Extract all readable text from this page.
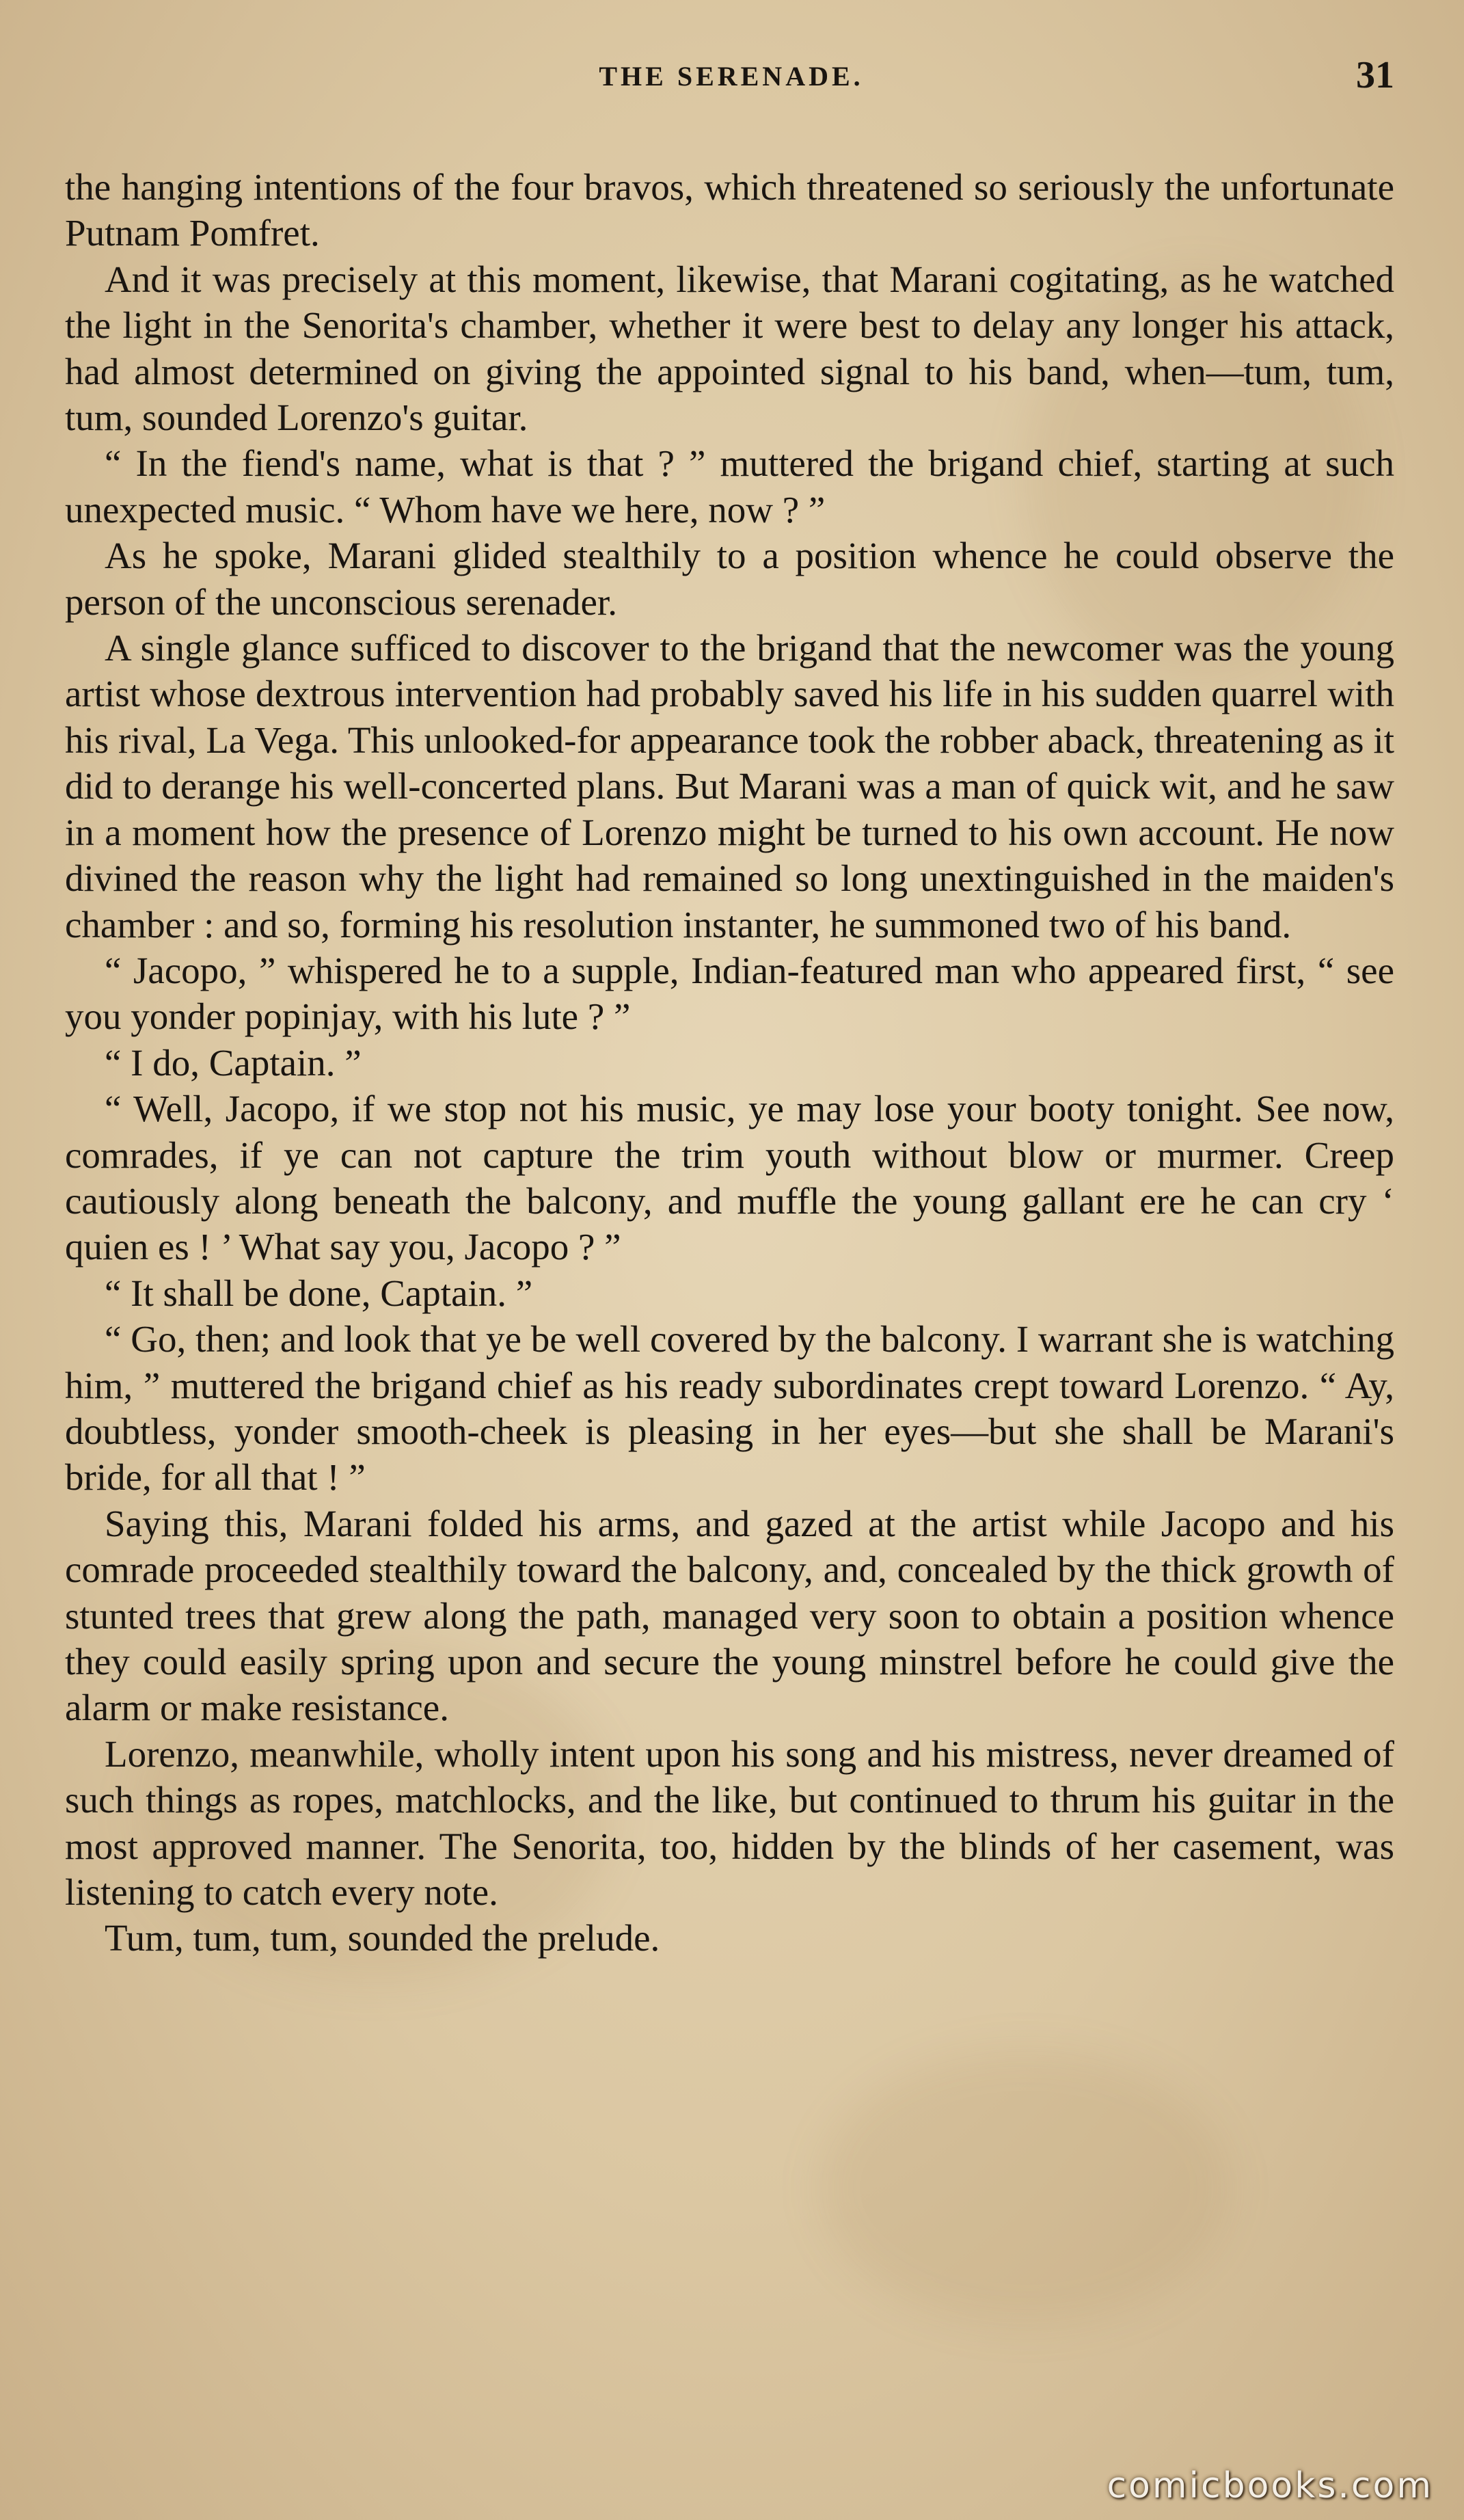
THE SERENADE.	31

the hanging intentions of the four bravos, which threatened so seriously the unfortunate Putnam Pomfret.

And it was precisely at this moment, likewise, that Marani cogitating, as he watched the light in the Senorita's chamber, whether it were best to delay any longer his attack, had almost determined on giving the appointed signal to his band, when—tum, tum, tum, sounded Lorenzo's guitar.

“ In the fiend's name, what is that ? ” muttered the brigand chief, starting at such unexpected music. “ Whom have we here, now ? ”

As he spoke, Marani glided stealthily to a position whence he could observe the person of the unconscious serenader.

A single glance sufficed to discover to the brigand that the newcomer was the young artist whose dextrous intervention had probably saved his life in his sudden quarrel with his rival, La Vega. This unlooked-for appearance took the robber aback, threatening as it did to derange his well-concerted plans. But Marani was a man of quick wit, and he saw in a moment how the presence of Lorenzo might be turned to his own account. He now divined the reason why the light had remained so long unextinguished in the maiden's chamber : and so, forming his resolution instanter, he summoned two of his band.

“ Jacopo, ” whispered he to a supple, Indian-featured man who appeared first, “ see you yonder popinjay, with his lute ? ”

“ I do, Captain. ”

“ Well, Jacopo, if we stop not his music, ye may lose your booty tonight. See now, comrades, if ye can not capture the trim youth without blow or murmer. Creep cautiously along beneath the balcony, and muffle the young gallant ere he can cry ‘ quien es ! ’ What say you, Jacopo ? ”

“ It shall be done, Captain. ”

“ Go, then; and look that ye be well covered by the balcony. I warrant she is watching him, ” muttered the brigand chief as his ready subordinates crept toward Lorenzo. “ Ay, doubtless, yonder smooth-cheek is pleasing in her eyes—but she shall be Marani's bride, for all that ! ”

Saying this, Marani folded his arms, and gazed at the artist while Jacopo and his comrade proceeded stealthily toward the balcony, and, concealed by the thick growth of stunted trees that grew along the path, managed very soon to obtain a position whence they could easily spring upon and secure the young minstrel before he could give the alarm or make resistance.

Lorenzo, meanwhile, wholly intent upon his song and his mistress, never dreamed of such things as ropes, matchlocks, and the like, but continued to thrum his guitar in the most approved manner. The Senorita, too, hidden by the blinds of her casement, was listening to catch every note.

Tum, tum, tum, sounded the prelude.

comicbooks.com
